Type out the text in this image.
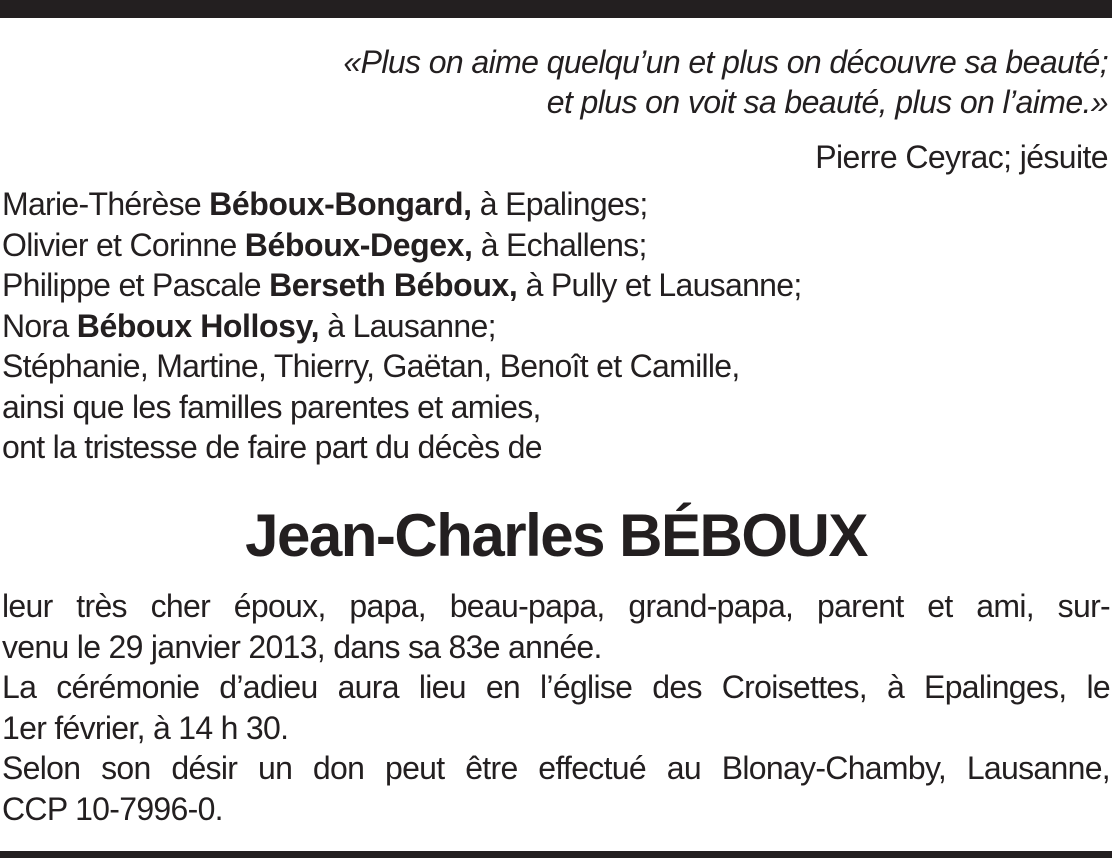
«Plus on aime quelqu’un et plus on découvre sa beauté;
et plus on voit sa beauté, plus on l’aime.»
Pierre Ceyrac; jésuite
Marie-Thérèse Béboux-Bongard, à Epalinges;
Olivier et Corinne Béboux-Degex, à Echallens;
Philippe et Pascale Berseth Béboux, à Pully et Lausanne;
Nora Béboux Hollosy, à Lausanne;
Stéphanie, Martine, Thierry, Gaëtan, Benoît et Camille,
ainsi que les familles parentes et amies,
ont la tristesse de faire part du décès de
Jean-Charles BÉBOUX
leur très cher époux, papa, beau-papa, grand-papa, parent et ami, sur-
venu le 29 janvier 2013, dans sa 83e année.
La cérémonie d’adieu aura lieu en l’église des Croisettes, à Epalinges, le
1er février, à 14 h 30.
Selon son désir un don peut être effectué au Blonay-Chamby, Lausanne,
CCP 10-7996-0.
